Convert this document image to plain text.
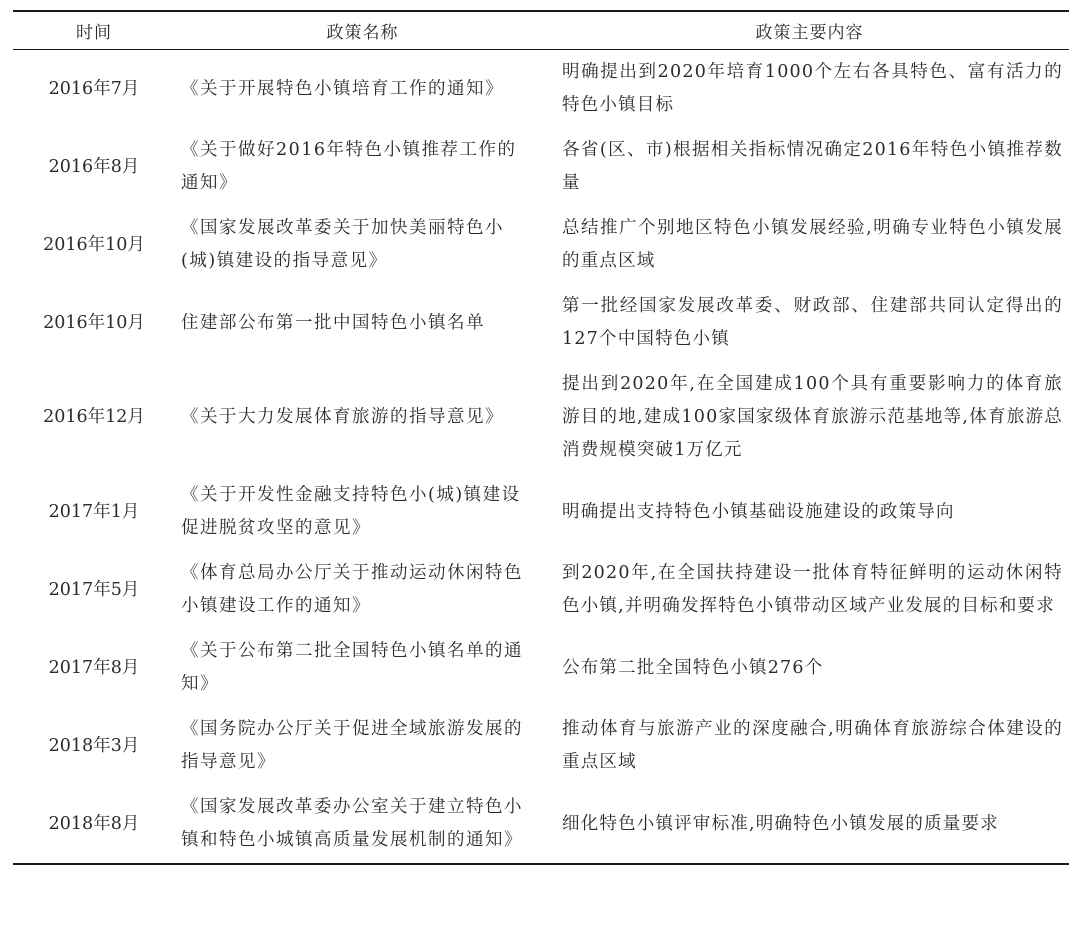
时间	政策名称	政策主要内容
2016年7月	《关于开展特色小镇培育工作的通知》	明确提出到2020年培育1000个左右各具特色、富有活力的特色小镇目标
2016年8月	《关于做好2016年特色小镇推荐工作的通知》	各省(区、市)根据相关指标情况确定2016年特色小镇推荐数量
2016年10月	《国家发展改革委关于加快美丽特色小(城)镇建设的指导意见》	总结推广个别地区特色小镇发展经验,明确专业特色小镇发展的重点区域
2016年10月	住建部公布第一批中国特色小镇名单	第一批经国家发展改革委、财政部、住建部共同认定得出的127个中国特色小镇
2016年12月	《关于大力发展体育旅游的指导意见》	提出到2020年,在全国建成100个具有重要影响力的体育旅游目的地,建成100家国家级体育旅游示范基地等,体育旅游总消费规模突破1万亿元
2017年1月	《关于开发性金融支持特色小(城)镇建设促进脱贫攻坚的意见》	明确提出支持特色小镇基础设施建设的政策导向
2017年5月	《体育总局办公厅关于推动运动休闲特色小镇建设工作的通知》	到2020年,在全国扶持建设一批体育特征鲜明的运动休闲特色小镇,并明确发挥特色小镇带动区域产业发展的目标和要求
2017年8月	《关于公布第二批全国特色小镇名单的通知》	公布第二批全国特色小镇276个
2018年3月	《国务院办公厅关于促进全域旅游发展的指导意见》	推动体育与旅游产业的深度融合,明确体育旅游综合体建设的重点区域
2018年8月	《国家发展改革委办公室关于建立特色小镇和特色小城镇高质量发展机制的通知》	细化特色小镇评审标准,明确特色小镇发展的质量要求
